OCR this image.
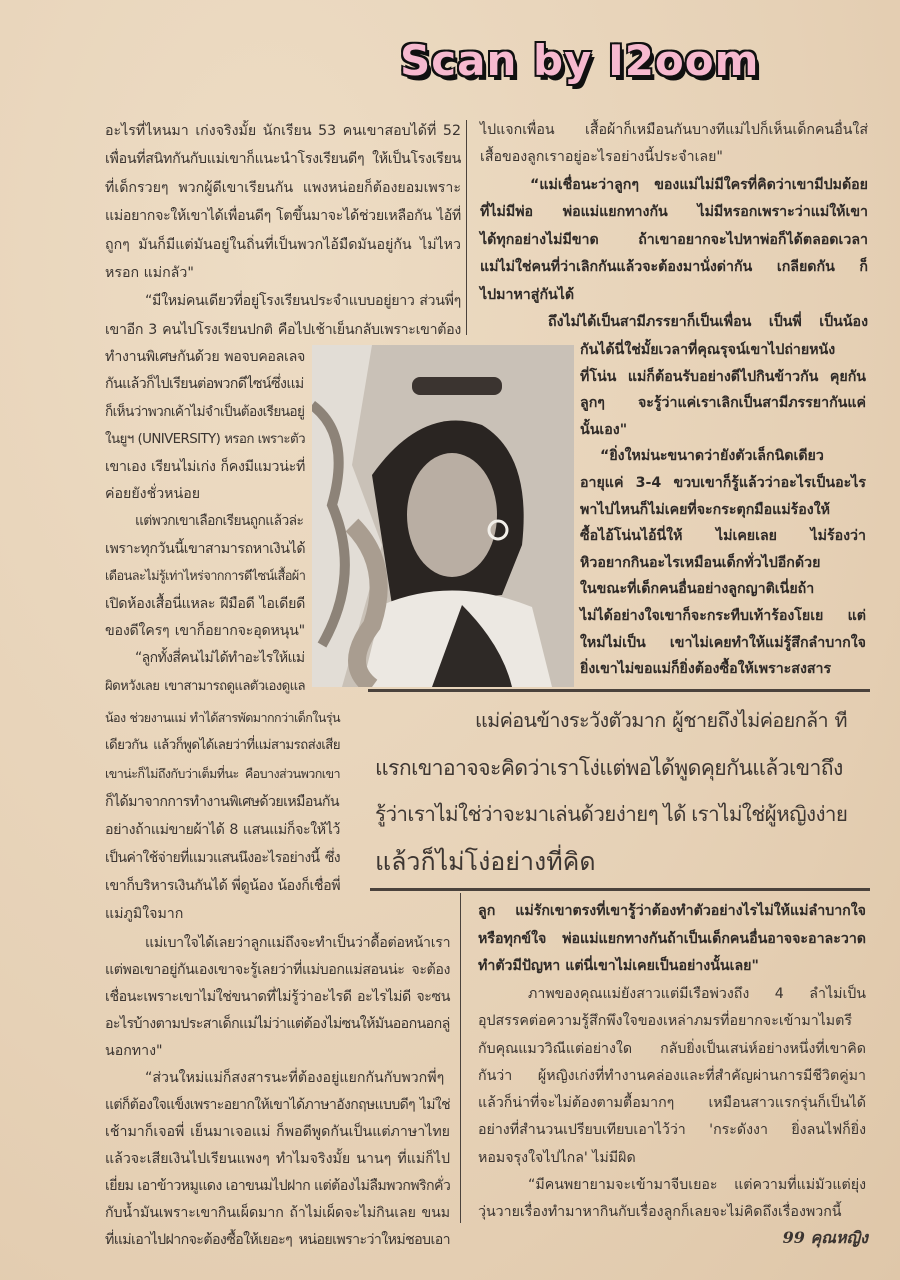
Scan by I2oom
อะไรที่ไหนมา เก่งจริงมั้ย นักเรียน 53 คนเขาสอบได้ที่ 52
เพื่อนที่สนิทกันกับแม่เขาก็แนะนำโรงเรียนดีๆ ให้เป็นโรงเรียน
ที่เด็กรวยๆ พวกผู้ดีเขาเรียนกัน แพงหน่อยก็ต้องยอมเพราะ
แม่อยากจะให้เขาได้เพื่อนดีๆ โตขึ้นมาจะได้ช่วยเหลือกัน ไอ้ที่
ถูกๆ มันก็มีแต่มันอยู่ในถิ่นที่เป็นพวกไอ้มืดมันอยู่กัน ไม่ไหว
หรอก แม่กลัว"
“มีใหม่คนเดียวที่อยู่โรงเรียนประจำแบบอยู่ยาว ส่วนพี่ๆ
เขาอีก 3 คนไปโรงเรียนปกติ คือไปเช้าเย็นกลับเพราะเขาต้อง
ทำงานพิเศษกันด้วย พอจบคอลเลจ
กันแล้วก็ไปเรียนต่อพวกดีไซน์ซึ่งแม่
ก็เห็นว่าพวกเค้าไม่จำเป็นต้องเรียนอยู่
ในยูฯ (UNIVERSITY) หรอก เพราะตัว
เขาเอง เรียนไม่เก่ง ก็คงมีแมวน่ะที่
ค่อยยังชั่วหน่อย
แต่พวกเขาเลือกเรียนถูกแล้วล่ะ
เพราะทุกวันนี้เขาสามารถหาเงินได้
เดือนละไม่รู้เท่าไหร่จากการดีไซน์เสื้อผ้า
เปิดห้องเสื้อนี่แหละ ฝีมือดี ไอเดียดี
ของดีใครๆ เขาก็อยากจะอุดหนุน"
“ลูกทั้งสี่คนไม่ได้ทำอะไรให้แม่
ผิดหวังเลย เขาสามารถดูแลตัวเองดูแล
น้อง ช่วยงานแม่ ทำได้สารพัดมากกว่าเด็กในรุ่น
เดียวกัน แล้วก็พูดได้เลยว่าที่แม่สามรถส่งเสีย
เขาน่ะก็ไม่ถึงกับว่าเต็มที่นะ คือบางส่วนพวกเขา
ก็ได้มาจากการทำงานพิเศษด้วยเหมือนกัน
อย่างถ้าแม่ขายผ้าได้ 8 แสนแม่ก็จะให้ไว้
เป็นค่าใช้จ่ายที่แมวแสนนึงอะไรอย่างนี้ ซึ่ง
เขาก็บริหารเงินกันได้ พี่ดูน้อง น้องก็เชื่อพี่
แม่ภูมิใจมาก
แม่เบาใจได้เลยว่าลูกแม่ถึงจะทำเป็นว่าดื้อต่อหน้าเรา
แต่พอเขาอยู่กันเองเขาจะรู้เลยว่าที่แม่บอกแม่สอนน่ะ จะต้อง
เชื่อนะเพราะเขาไม่ใช่ขนาดที่ไม่รู้ว่าอะไรดี อะไรไม่ดี จะซน
อะไรบ้างตามประสาเด็กแม่ไม่ว่าแต่ต้องไม่ซนให้มันออกนอกลู่
นอกทาง"
“ส่วนใหม่แม่ก็สงสารนะที่ต้องอยู่แยกกันกับพวกพี่ๆ
แต่ก็ต้องใจแข็งเพราะอยากให้เขาได้ภาษาอังกฤษแบบดีๆ ไม่ใช่
เช้ามาก็เจอพี่ เย็นมาเจอแม่ ก็พอดีพูดกันเป็นแต่ภาษาไทย
แล้วจะเสียเงินไปเรียนแพงๆ ทำไมจริงมั้ย นานๆ ที่แม่ก็ไป
เยี่ยม เอาข้าวหมูแดง เอาขนมไปฝาก แต่ต้องไม่ลืมพวกพริกคั่ว
กับน้ำมันเพราะเขากินเผ็ดมาก ถ้าไม่เผ็ดจะไม่กินเลย ขนม
ที่แม่เอาไปฝากจะต้องซื้อให้เยอะๆ หน่อยเพราะว่าใหม่ชอบเอา
ไปแจกเพื่อน เสื้อผ้าก็เหมือนกันบางทีแม่ไปก็เห็นเด็กคนอื่นใส่
เสื้อของลูกเราอยู่อะไรอย่างนี้ประจำเลย"
“แม่เชื่อนะว่าลูกๆ ของแม่ไม่มีใครที่คิดว่าเขามีปมด้อย
ที่ไม่มีพ่อ พ่อแม่แยกทางกัน ไม่มีหรอกเพราะว่าแม่ให้เขา
ได้ทุกอย่างไม่มีขาด ถ้าเขาอยากจะไปหาพ่อก็ได้ตลอดเวลา
แม่ไม่ใช่คนที่ว่าเลิกกันแล้วจะต้องมานั่งด่ากัน เกลียดกัน ก็
ไปมาหาสู่กันได้
ถึงไม่ได้เป็นสามีภรรยาก็เป็นเพื่อน เป็นพี่ เป็นน้อง
กันได้นี่ใช่มั้ยเวลาที่คุณรุจน์เขาไปถ่ายหนัง
ที่โน่น แม่ก็ต้อนรับอย่างดีไปกินข้าวกัน คุยกัน
ลูกๆ จะรู้ว่าแค่เราเลิกเป็นสามีภรรยากันแค่
นั้นเอง"
“ยิ่งใหม่นะขนาดว่ายังตัวเล็กนิดเดียว
อายุแค่ 3-4 ขวบเขาก็รู้แล้วว่าอะไรเป็นอะไร
พาไปไหนก็ไม่เคยที่จะกระตุกมือแม่ร้องให้
ซื้อไอ้โน่นไอ้นี่ให้ ไม่เคยเลย ไม่ร้องว่า
หิวอยากกินอะไรเหมือนเด็กทั่วไปอีกด้วย
ในขณะที่เด็กคนอื่นอย่างลูกญาติเนี่ยถ้า
ไม่ได้อย่างใจเขาก็จะกระทืบเท้าร้องโยเย แต่
ใหม่ไม่เป็น เขาไม่เคยทำให้แม่รู้สึกลำบากใจ
ยิ่งเขาไม่ขอแม่ก็ยิ่งต้องซื้อให้เพราะสงสาร
แม่ค่อนข้างระวังตัวมาก ผู้ชายถึงไม่ค่อยกล้า ที
แรกเขาอาจจะคิดว่าเราโง่แต่พอได้พูดคุยกันแล้วเขาถึง
รู้ว่าเราไม่ใช่ว่าจะมาเล่นด้วยง่ายๆ ได้ เราไม่ใช่ผู้หญิงง่าย
แล้วก็ไม่โง่อย่างที่คิด
ลูก แม่รักเขาตรงที่เขารู้ว่าต้องทำตัวอย่างไรไม่ให้แม่ลำบากใจ
หรือทุกข์ใจ พ่อแม่แยกทางกันถ้าเป็นเด็กคนอื่นอาจจะอาละวาด
ทำตัวมีปัญหา แต่นี่เขาไม่เคยเป็นอย่างนั้นเลย"
ภาพของคุณแม่ยังสาวแต่มีเรือพ่วงถึง 4 ลำไม่เป็น
อุปสรรคต่อความรู้สึกพึงใจของเหล่าภมรที่อยากจะเข้ามาไมตรี
กับคุณแมววิณีแต่อย่างใด กลับยิ่งเป็นเสน่ห์อย่างหนึ่งที่เขาคิด
กันว่า ผู้หญิงเก่งที่ทำงานคล่องและที่สำคัญผ่านการมีชีวิตคู่มา
แล้วก็น่าที่จะไม่ต้องตามตื้อมากๆ เหมือนสาวแรกรุ่นก็เป็นได้
อย่างที่สำนวนเปรียบเทียบเอาไว้ว่า 'กระดังงา ยิ่งลนไฟก็ยิ่ง
หอมจรุงใจไปไกล' ไม่มีผิด
“มีคนพยายามจะเข้ามาจีบเยอะ แต่ความที่แม่มัวแต่ยุ่ง
วุ่นวายเรื่องทำมาหากินกับเรื่องลูกก็เลยจะไม่คิดถึงเรื่องพวกนี้
99 คุณหญิง
